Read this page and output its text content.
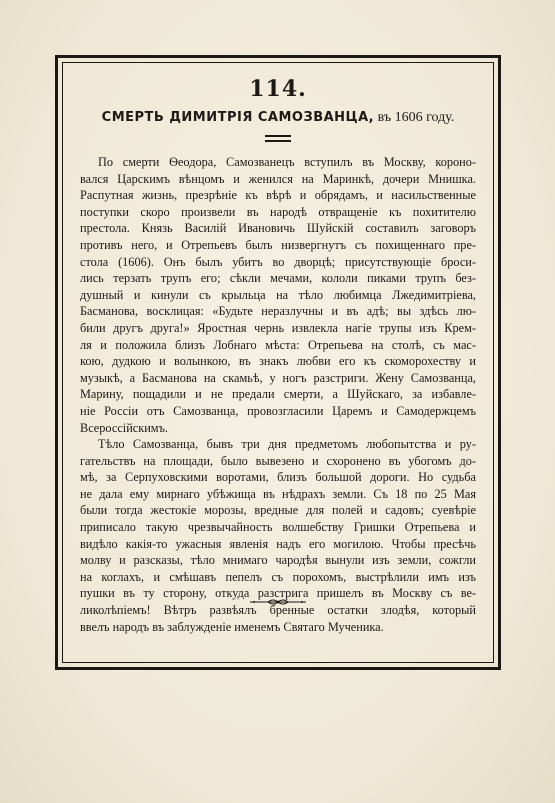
114.

СМЕРТЬ ДИМИТРІЯ САМОЗВАНЦА, въ 1606 году.

По смерти Ѳеодора, Самозванецъ вступилъ въ Москву, короно-
вался Царскимъ вѣнцомъ и женился на Маринкѣ, дочери Мнишка.
Распутная жизнь, презрѣніе къ вѣрѣ и обрядамъ, и насильственные
поступки скоро произвели въ народѣ отвращеніе къ похитителю
престола. Князь Василій Ивановичь Шуйскій составилъ заговоръ
противъ него, и Отрепьевъ былъ низвергнутъ съ похищеннаго пре-
стола (1606). Онъ былъ убитъ во дворцѣ; присутствующіе броси-
лись терзать трупъ его; сѣкли мечами, кололи пиками трупъ без-
душный и кинули съ крыльца на тѣло любимца Лжедимитріева,
Басманова, восклицая: «Будьте неразлучны и въ адѣ; вы здѣсь лю-
били другъ друга!» Яростная чернь извлекла нагіе трупы изъ Крем-
ля и положила близъ Лобнаго мѣста: Отрепьева на столѣ, съ мас-
кою, дудкою и волынкою, въ знакъ любви его къ скоморохеству и
музыкѣ, а Басманова на скамьѣ, у ногъ разстриги. Жену Самозванца,
Марину, пощадили и не предали смерти, а Шуйскаго, за избавле-
ніе Россіи отъ Самозванца, провозгласили Царемъ и Самодержцемъ
Всероссійскимъ.
Тѣло Самозванца, бывъ три дня предметомъ любопытства и ру-
гательствъ на площади, было вывезено и схоронено въ убогомъ до-
мѣ, за Серпуховскими воротами, близъ большой дороги. Но судьба
не дала ему мирнаго убѣжища въ нѣдрахъ земли. Съ 18 по 25 Мая
были тогда жестокіе морозы, вредные для полей и садовъ; суевѣріе
приписало такую чрезвычайность волшебству Гришки Отрепьева и
видѣло какія-то ужасныя явленія надъ его могилою. Чтобы пресѣчь
молву и разсказы, тѣло мнимаго чародѣя вынули изъ земли, сожгли
на коглахъ, и смѣшавъ пепелъ съ порохомъ, выстрѣлили имъ изъ
пушки въ ту сторону, откуда разстрига пришелъ въ Москву съ ве-
ликолѣпіемъ! Вѣтръ развѣялъ бренные остатки злодѣя, который
ввелъ народъ въ заблужденіе именемъ Святаго Мученика.
